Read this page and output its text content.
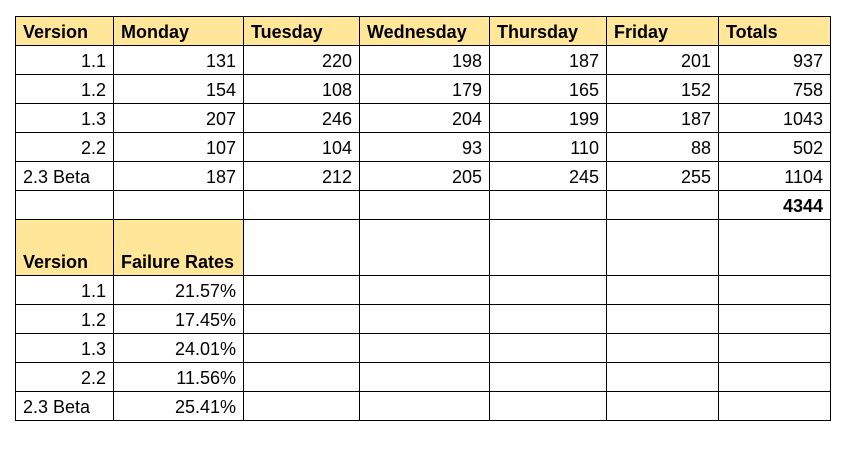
Version	Monday	Tuesday	Wednesday	Thursday	Friday	Totals
1.1	131	220	198	187	201	937
1.2	154	108	179	165	152	758
1.3	207	246	204	199	187	1043
2.2	107	104	93	110	88	502
2.3 Beta	187	212	205	245	255	1104
						4344
Version	Failure Rates					
1.1	21.57%					
1.2	17.45%					
1.3	24.01%					
2.2	11.56%					
2.3 Beta	25.41%					
